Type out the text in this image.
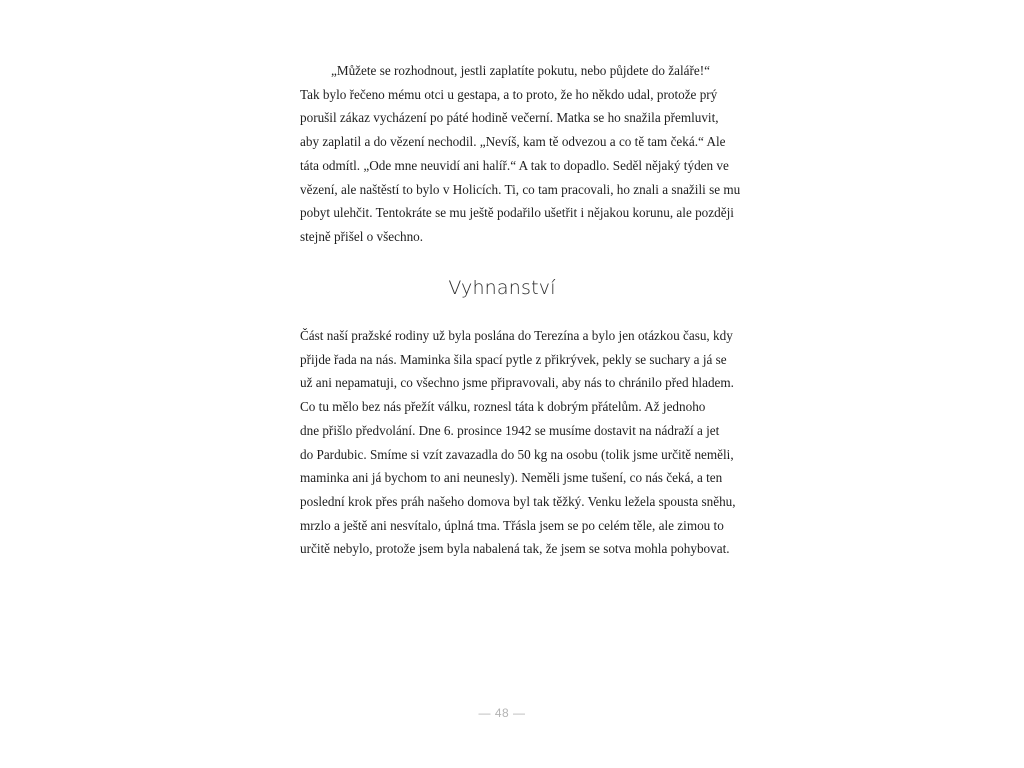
„Můžete se rozhodnout, jestli zaplatíte pokutu, nebo půjdete do žaláře!“
Tak bylo řečeno mému otci u gestapa, a to proto, že ho někdo udal, protože prý
porušil zákaz vycházení po páté hodině večerní. Matka se ho snažila přemluvit,
aby zaplatil a do vězení nechodil. „Nevíš, kam tě odvezou a co tě tam čeká.“ Ale
táta odmítl. „Ode mne neuvidí ani halíř.“ A tak to dopadlo. Seděl nějaký týden ve
vězení, ale naštěstí to bylo v Holicích. Ti, co tam pracovali, ho znali a snažili se mu
pobyt ulehčit. Tentokráte se mu ještě podařilo ušetřit i nějakou korunu, ale později
stejně přišel o všechno.
Vyhnanství
Část naší pražské rodiny už byla poslána do Terezína a bylo jen otázkou času, kdy
přijde řada na nás. Maminka šila spací pytle z přikrývek, pekly se suchary a já se
už ani nepamatuji, co všechno jsme připravovali, aby nás to chránilo před hladem.
Co tu mělo bez nás přežít válku, roznesl táta k dobrým přátelům. Až jednoho
dne přišlo předvolání. Dne 6. prosince 1942 se musíme dostavit na nádraží a jet
do Pardubic. Smíme si vzít zavazadla do 50 kg na osobu (tolik jsme určitě neměli,
maminka ani já bychom to ani neunesly). Neměli jsme tušení, co nás čeká, a ten
poslední krok přes práh našeho domova byl tak těžký. Venku ležela spousta sněhu,
mrzlo a ještě ani nesvítalo, úplná tma. Třásla jsem se po celém těle, ale zimou to
určitě nebylo, protože jsem byla nabalená tak, že jsem se sotva mohla pohybovat.
— 48 —
